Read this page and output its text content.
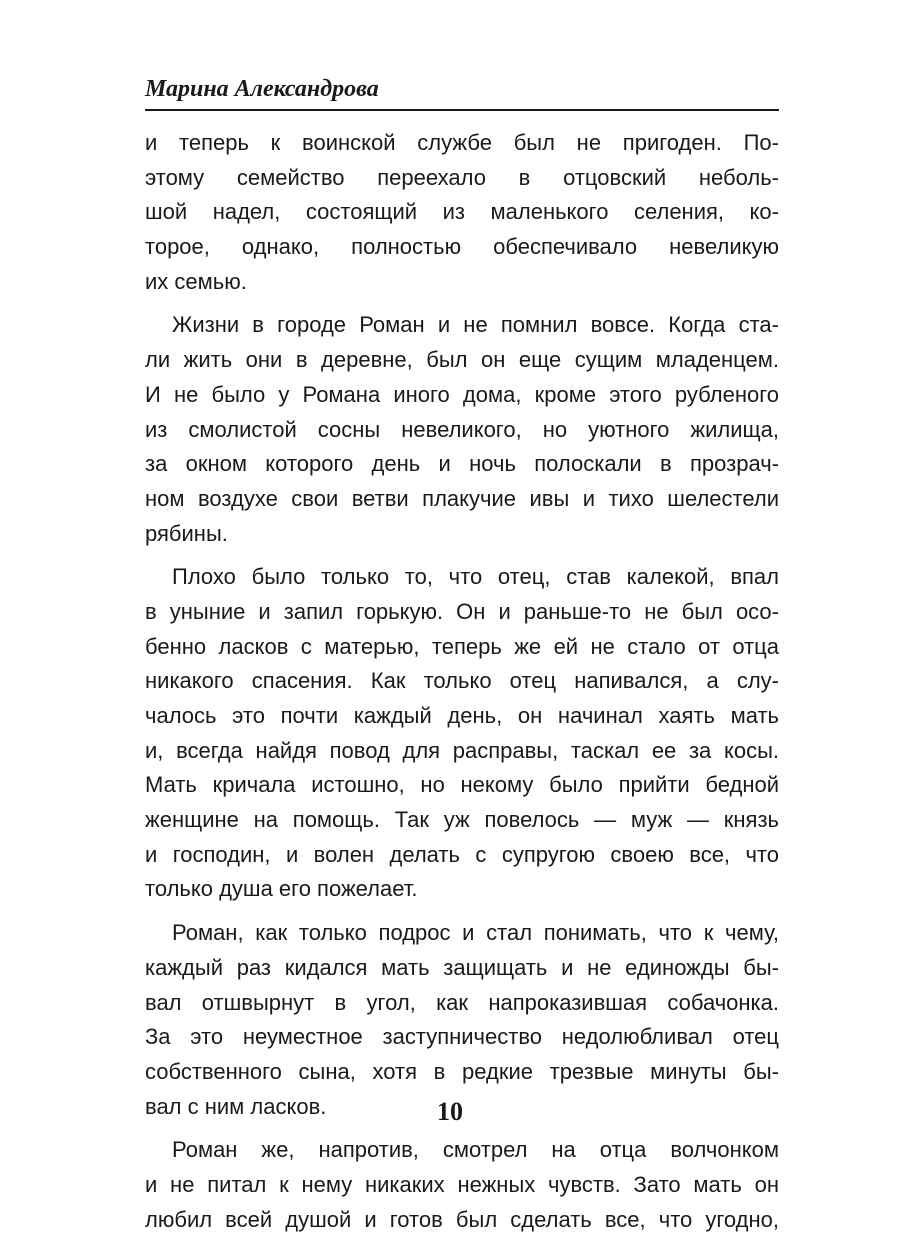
Марина Александрова
и теперь к воинской службе был не пригоден. По-
этому семейство переехало в отцовский неболь-
шой надел, состоящий из маленького селения, ко-
торое, однако, полностью обеспечивало невеликую
их семью.
Жизни в городе Роман и не помнил вовсе. Когда ста-
ли жить они в деревне, был он еще сущим младенцем.
И не было у Романа иного дома, кроме этого рубленого
из смолистой сосны невеликого, но уютного жилища,
за окном которого день и ночь полоскали в прозрач-
ном воздухе свои ветви плакучие ивы и тихо шелестели
рябины.
Плохо было только то, что отец, став калекой, впал
в уныние и запил горькую. Он и раньше-то не был осо-
бенно ласков с матерью, теперь же ей не стало от отца
никакого спасения. Как только отец напивался, а слу-
чалось это почти каждый день, он начинал хаять мать
и, всегда найдя повод для расправы, таскал ее за косы.
Мать кричала истошно, но некому было прийти бедной
женщине на помощь. Так уж повелось — муж — князь
и господин, и волен делать с супругою своею все, что
только душа его пожелает.
Роман, как только подрос и стал понимать, что к чему,
каждый раз кидался мать защищать и не единожды бы-
вал отшвырнут в угол, как напроказившая собачонка.
За это неуместное заступничество недолюбливал отец
собственного сына, хотя в редкие трезвые минуты бы-
вал с ним ласков.
Роман же, напротив, смотрел на отца волчонком
и не питал к нему никаких нежных чувств. Зато мать он
любил всей душой и готов был сделать все, что угодно,
10
